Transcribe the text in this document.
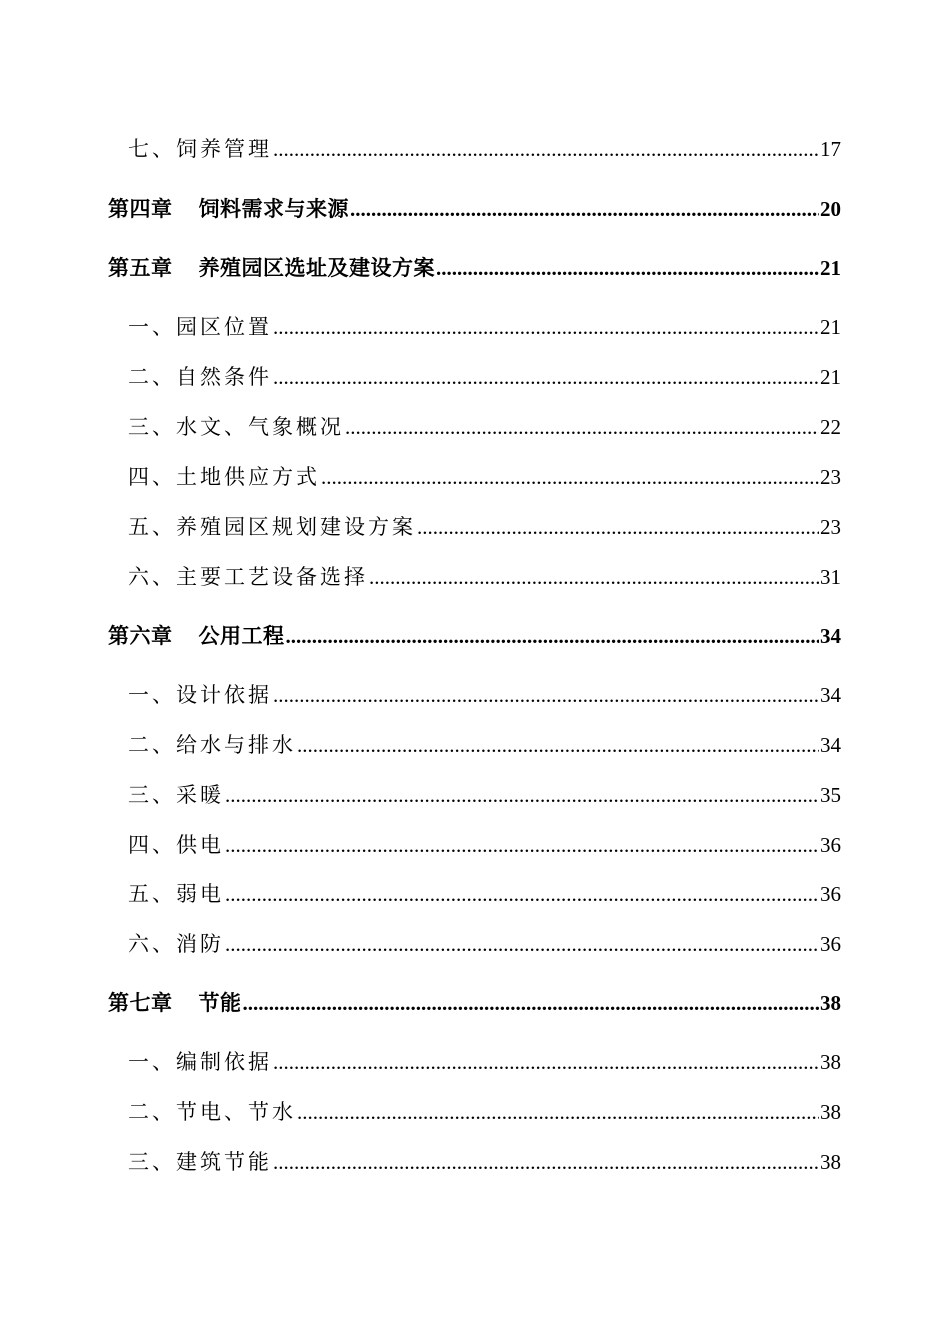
七、饲养管理 .....	17
第四章 饲料需求与来源 .....	20
第五章 养殖园区选址及建设方案 .....	21
一、园区位置 .....	21
二、自然条件 .....	21
三、水文、气象概况 .....	22
四、土地供应方式 .....	23
五、养殖园区规划建设方案 .....	23
六、主要工艺设备选择 .....	31
第六章 公用工程 .....	34
一、设计依据 .....	34
二、给水与排水 .....	34
三、采暖 .....	35
四、供电 .....	36
五、弱电 .....	36
六、消防 .....	36
第七章 节能 .....	38
一、编制依据 .....	38
二、节电、节水 .....	38
三、建筑节能 .....	38
